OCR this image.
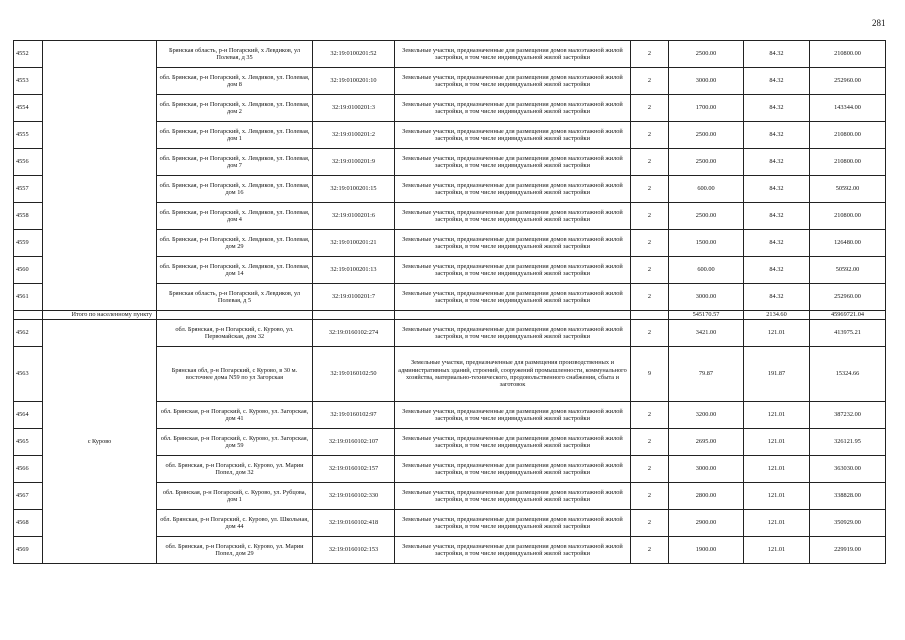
281
4552		Брянская область, р-н Погарский, х Левдиков, ул Полевая, д 35	32:19:0100201:52	Земельные участки, предназначенные для размещения домов малоэтажной жилой застройки, в том числе индивидуальной жилой застройки	2	2500.00	84.32	210800.00
4553		обл. Брянская, р-н Погарский, х. Левдиков, ул. Полевая, дом 8	32:19:0100201:10	Земельные участки, предназначенные для размещения домов малоэтажной жилой застройки, в том числе индивидуальной жилой застройки	2	3000.00	84.32	252960.00
4554		обл. Брянская, р-н Погарский, х. Левдиков, ул. Полевая, дом 2	32:19:0100201:3	Земельные участки, предназначенные для размещения домов малоэтажной жилой застройки, в том числе индивидуальной жилой застройки	2	1700.00	84.32	143344.00
4555		обл. Брянская, р-н Погарский, х. Левдиков, ул. Полевая, дом 1	32:19:0100201:2	Земельные участки, предназначенные для размещения домов малоэтажной жилой застройки, в том числе индивидуальной жилой застройки	2	2500.00	84.32	210800.00
4556		обл. Брянская, р-н Погарский, х. Левдиков, ул. Полевая, дом 7	32:19:0100201:9	Земельные участки, предназначенные для размещения домов малоэтажной жилой застройки, в том числе индивидуальной жилой застройки	2	2500.00	84.32	210800.00
4557		обл. Брянская, р-н Погарский, х. Левдиков, ул. Полевая, дом 16	32:19:0100201:15	Земельные участки, предназначенные для размещения домов малоэтажной жилой застройки, в том числе индивидуальной жилой застройки	2	600.00	84.32	50592.00
4558		обл. Брянская, р-н Погарский, х. Левдиков, ул. Полевая, дом 4	32:19:0100201:6	Земельные участки, предназначенные для размещения домов малоэтажной жилой застройки, в том числе индивидуальной жилой застройки	2	2500.00	84.32	210800.00
4559		обл. Брянская, р-н Погарский, х. Левдиков, ул. Полевая, дом 29	32:19:0100201:21	Земельные участки, предназначенные для размещения домов малоэтажной жилой застройки, в том числе индивидуальной жилой застройки	2	1500.00	84.32	126480.00
4560		обл. Брянская, р-н Погарский, х. Левдиков, ул. Полевая, дом 14	32:19:0100201:13	Земельные участки, предназначенные для размещения домов малоэтажной жилой застройки, в том числе индивидуальной жилой застройки	2	600.00	84.32	50592.00
4561		Брянская область, р-н Погарский, х Левдиков, ул Полевая, д 5	32:19:0100201:7	Земельные участки, предназначенные для размещения домов малоэтажной жилой застройки, в том числе индивидуальной жилой застройки	2	3000.00	84.32	252960.00
	Итого по населенному пункту					545170.57	2134.60	45969721.04
4562	с Курово	обл. Брянская, р-н Погарский, с. Курово, ул. Первомайская, дом 32	32:19:0160102:274	Земельные участки, предназначенные для размещения домов малоэтажной жилой застройки, в том числе индивидуальной жилой застройки	2	3421.00	121.01	413975.21
4563		Брянская обл, р-н Погарский, с Курово, в 30 м. восточнее дома N59 по ул Загорская	32:19:0160102:50	Земельные участки, предназначенные для размещения производственных и административных зданий, строений, сооружений промышленности, коммунального хозяйства, материально-технического, продовольственного снабжения, сбыта и заготовок	9	79.87	191.87	15324.66
4564		обл. Брянская, р-н Погарский, с. Курово, ул. Загорская, дом 41	32:19:0160102:97	Земельные участки, предназначенные для размещения домов малоэтажной жилой застройки, в том числе индивидуальной жилой застройки	2	3200.00	121.01	387232.00
4565		обл. Брянская, р-н Погарский, с. Курово, ул. Загорская, дом 59	32:19:0160102:107	Земельные участки, предназначенные для размещения домов малоэтажной жилой застройки, в том числе индивидуальной жилой застройки	2	2695.00	121.01	326121.95
4566		обл. Брянская, р-н Погарский, с. Курово, ул. Марии Попел, дом 32	32:19:0160102:157	Земельные участки, предназначенные для размещения домов малоэтажной жилой застройки, в том числе индивидуальной жилой застройки	2	3000.00	121.01	363030.00
4567		обл. Брянская, р-н Погарский, с. Курово, ул. Рубцова, дом 1	32:19:0160102:330	Земельные участки, предназначенные для размещения домов малоэтажной жилой застройки, в том числе индивидуальной жилой застройки	2	2800.00	121.01	338828.00
4568		обл. Брянская, р-н Погарский, с. Курово, ул. Школьная, дом 44	32:19:0160102:418	Земельные участки, предназначенные для размещения домов малоэтажной жилой застройки, в том числе индивидуальной жилой застройки	2	2900.00	121.01	350929.00
4569		обл. Брянская, р-н Погарский, с. Курово, ул. Марии Попел, дом 29	32:19:0160102:153	Земельные участки, предназначенные для размещения домов малоэтажной жилой застройки, в том числе индивидуальной жилой застройки	2	1900.00	121.01	229919.00
